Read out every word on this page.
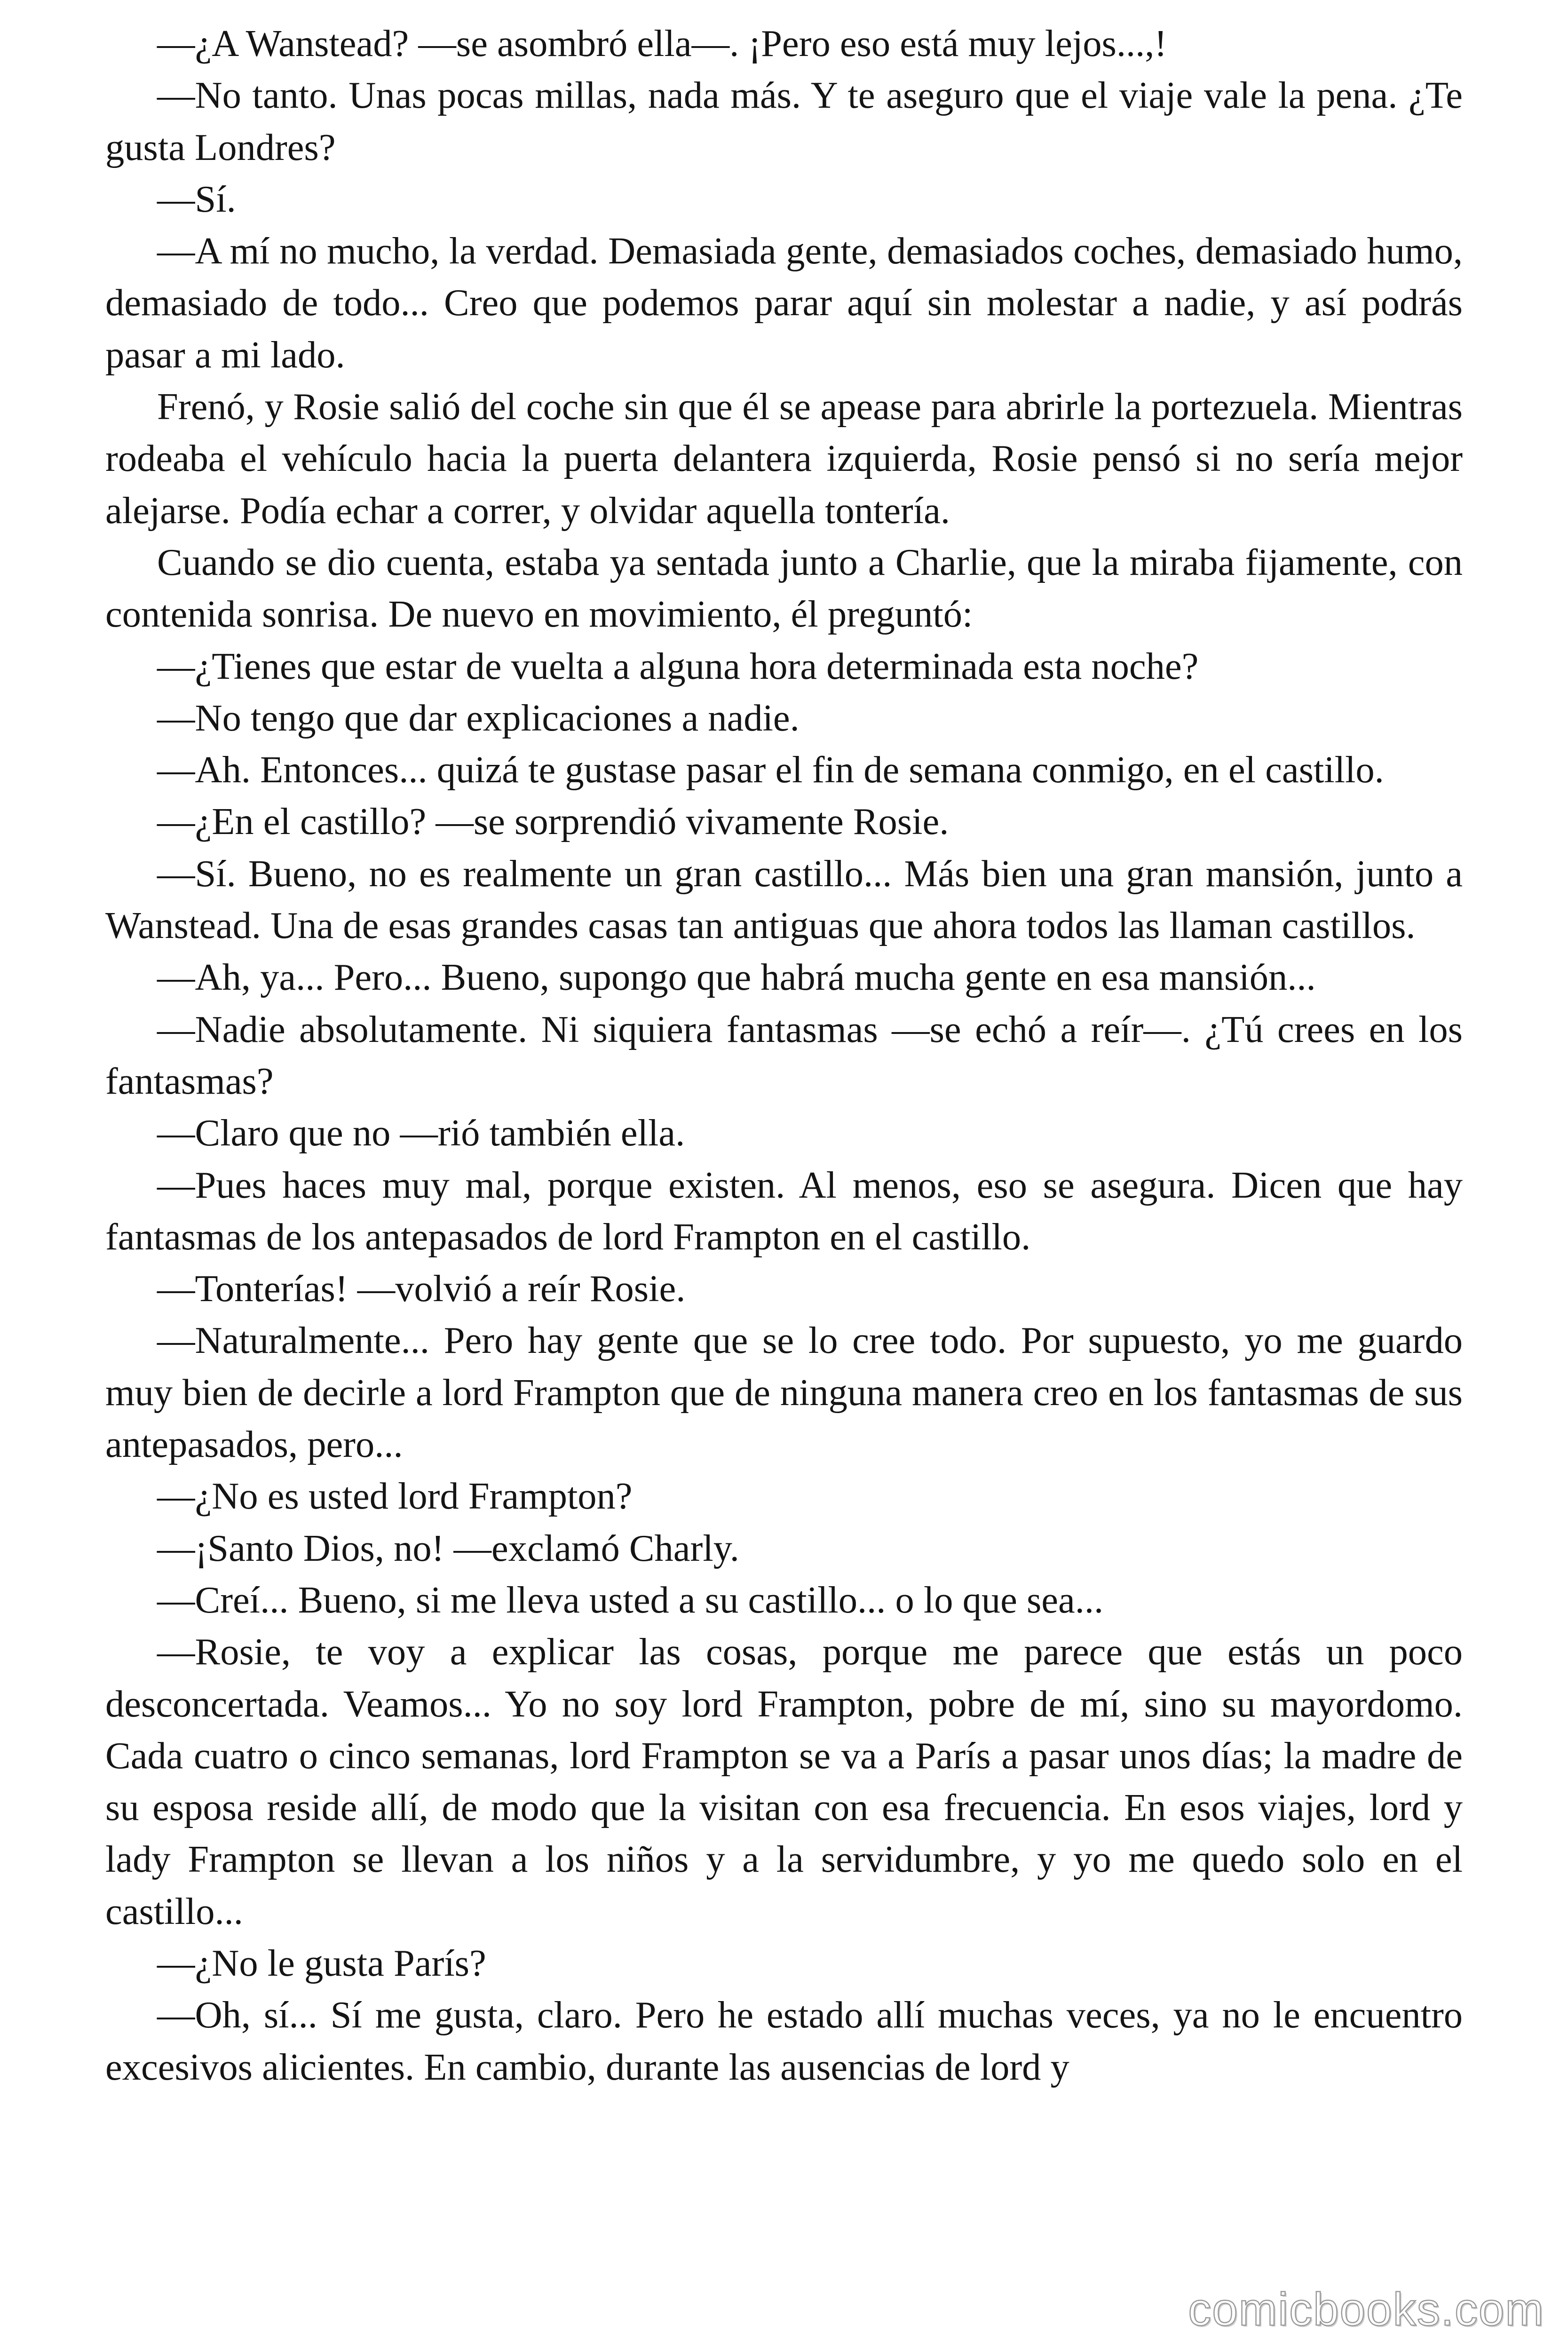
—¿A Wanstead? —se asombró ella—. ¡Pero eso está muy lejos...,!

—No tanto. Unas pocas millas, nada más. Y te aseguro que el viaje vale la pena. ¿Te gusta Londres?

—Sí.

—A mí no mucho, la verdad. Demasiada gente, demasiados coches, demasiado humo, demasiado de todo... Creo que podemos parar aquí sin molestar a nadie, y así podrás pasar a mi lado.

Frenó, y Rosie salió del coche sin que él se apease para abrirle la portezuela. Mientras rodeaba el vehículo hacia la puerta delantera izquierda, Rosie pensó si no sería mejor alejarse. Podía echar a correr, y olvidar aquella tontería.

Cuando se dio cuenta, estaba ya sentada junto a Charlie, que la miraba fijamente, con contenida sonrisa. De nuevo en movimiento, él preguntó:

—¿Tienes que estar de vuelta a alguna hora determinada esta noche?

—No tengo que dar explicaciones a nadie.

—Ah. Entonces... quizá te gustase pasar el fin de semana conmigo, en el castillo.

—¿En el castillo? —se sorprendió vivamente Rosie.

—Sí. Bueno, no es realmente un gran castillo... Más bien una gran mansión, junto a Wanstead. Una de esas grandes casas tan antiguas que ahora todos las llaman castillos.

—Ah, ya... Pero... Bueno, supongo que habrá mucha gente en esa mansión...

—Nadie absolutamente. Ni siquiera fantasmas —se echó a reír—. ¿Tú crees en los fantasmas?

—Claro que no —rió también ella.

—Pues haces muy mal, porque existen. Al menos, eso se asegura. Dicen que hay fantasmas de los antepasados de lord Frampton en el castillo.

—Tonterías! —volvió a reír Rosie.

—Naturalmente... Pero hay gente que se lo cree todo. Por supuesto, yo me guardo muy bien de decirle a lord Frampton que de ninguna manera creo en los fantasmas de sus antepasados, pero...

—¿No es usted lord Frampton?

—¡Santo Dios, no! —exclamó Charly.

—Creí... Bueno, si me lleva usted a su castillo... o lo que sea...

—Rosie, te voy a explicar las cosas, porque me parece que estás un poco desconcertada. Veamos... Yo no soy lord Frampton, pobre de mí, sino su mayordomo. Cada cuatro o cinco semanas, lord Frampton se va a París a pasar unos días; la madre de su esposa reside allí, de modo que la visitan con esa frecuencia. En esos viajes, lord y lady Frampton se llevan a los niños y a la servidumbre, y yo me quedo solo en el castillo...

—¿No le gusta París?

—Oh, sí... Sí me gusta, claro. Pero he estado allí muchas veces, ya no le encuentro excesivos alicientes. En cambio, durante las ausencias de lord y

comicbooks.com
